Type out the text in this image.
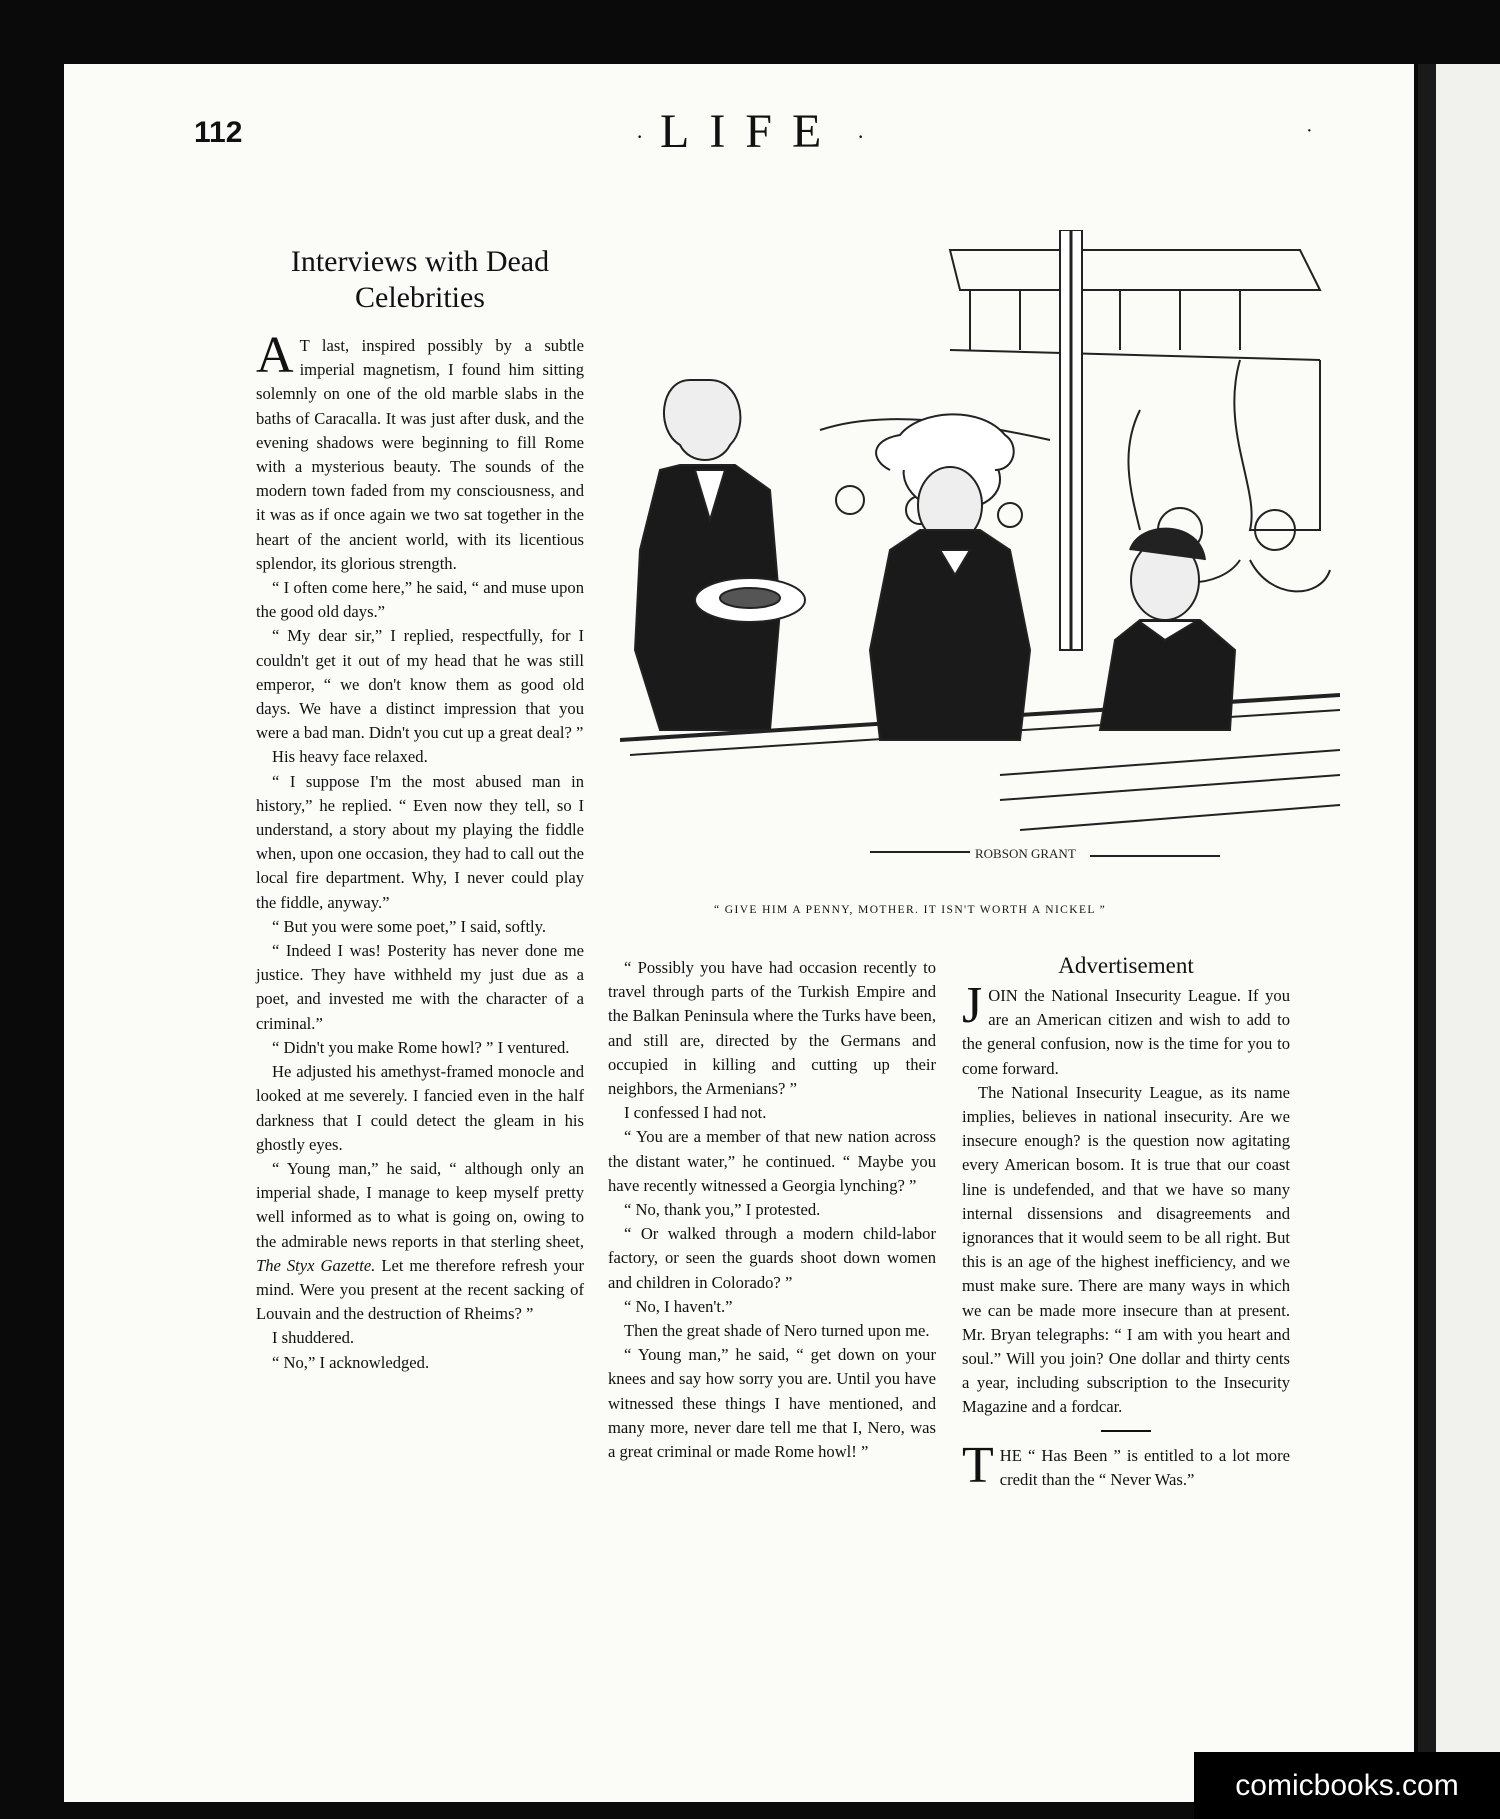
112	· LIFE ·	·
Interviews with Dead
Celebrities

A T last, inspired possibly by a subtle imperial magnetism, I found him sitting solemnly on one of the old marble slabs in the baths of Caracalla. It was just after dusk, and the evening shadows were beginning to fill Rome with a mysterious beauty. The sounds of the modern town faded from my consciousness, and it was as if once again we two sat together in the heart of the ancient world, with its licentious splendor, its glorious strength.

“ I often come here,” he said, “ and muse upon the good old days.”

“ My dear sir,” I replied, respectfully, for I couldn't get it out of my head that he was still emperor, “ we don't know them as good old days. We have a distinct impression that you were a bad man. Didn't you cut up a great deal? ”

His heavy face relaxed.

“ I suppose I'm the most abused man in history,” he replied. “ Even now they tell, so I understand, a story about my playing the fiddle when, upon one occasion, they had to call out the local fire department. Why, I never could play the fiddle, anyway.”

“ But you were some poet,” I said, softly.

“ Indeed I was! Posterity has never done me justice. They have withheld my just due as a poet, and invested me with the character of a criminal.”

“ Didn't you make Rome howl? ” I ventured.

He adjusted his amethyst-framed monocle and looked at me severely. I fancied even in the half darkness that I could detect the gleam in his ghostly eyes.

“ Young man,” he said, “ although only an imperial shade, I manage to keep myself pretty well informed as to what is going on, owing to the admirable news reports in that sterling sheet, The Styx Gazette. Let me therefore refresh your mind. Were you present at the recent sacking of Louvain and the destruction of Rheims? ”

I shuddered.

“ No,” I acknowledged.

ROBSON GRANT
“ GIVE HIM A PENNY, MOTHER. IT ISN'T WORTH A NICKEL ”

“ Possibly you have had occasion recently to travel through parts of the Turkish Empire and the Balkan Peninsula where the Turks have been, and still are, directed by the Germans and occupied in killing and cutting up their neighbors, the Armenians? ”

I confessed I had not.

“ You are a member of that new nation across the distant water,” he continued. “ Maybe you have recently witnessed a Georgia lynching? ”

“ No, thank you,” I protested.

“ Or walked through a modern child-labor factory, or seen the guards shoot down women and children in Colorado? ”

“ No, I haven't.”

Then the great shade of Nero turned upon me.

“ Young man,” he said, “ get down on your knees and say how sorry you are. Until you have witnessed these things I have mentioned, and many more, never dare tell me that I, Nero, was a great criminal or made Rome howl! ”

Advertisement

JOIN the National Insecurity League. If you are an American citizen and wish to add to the general confusion, now is the time for you to come forward.

The National Insecurity League, as its name implies, believes in national insecurity. Are we insecure enough? is the question now agitating every American bosom. It is true that our coast line is undefended, and that we have so many internal dissensions and disagreements and ignorances that it would seem to be all right. But this is an age of the highest inefficiency, and we must make sure. There are many ways in which we can be made more insecure than at present. Mr. Bryan telegraphs: “ I am with you heart and soul.” Will you join? One dollar and thirty cents a year, including subscription to the Insecurity Magazine and a fordcar.

THE “ Has Been ” is entitled to a lot more credit than the “ Never Was.”

comicbooks.com
